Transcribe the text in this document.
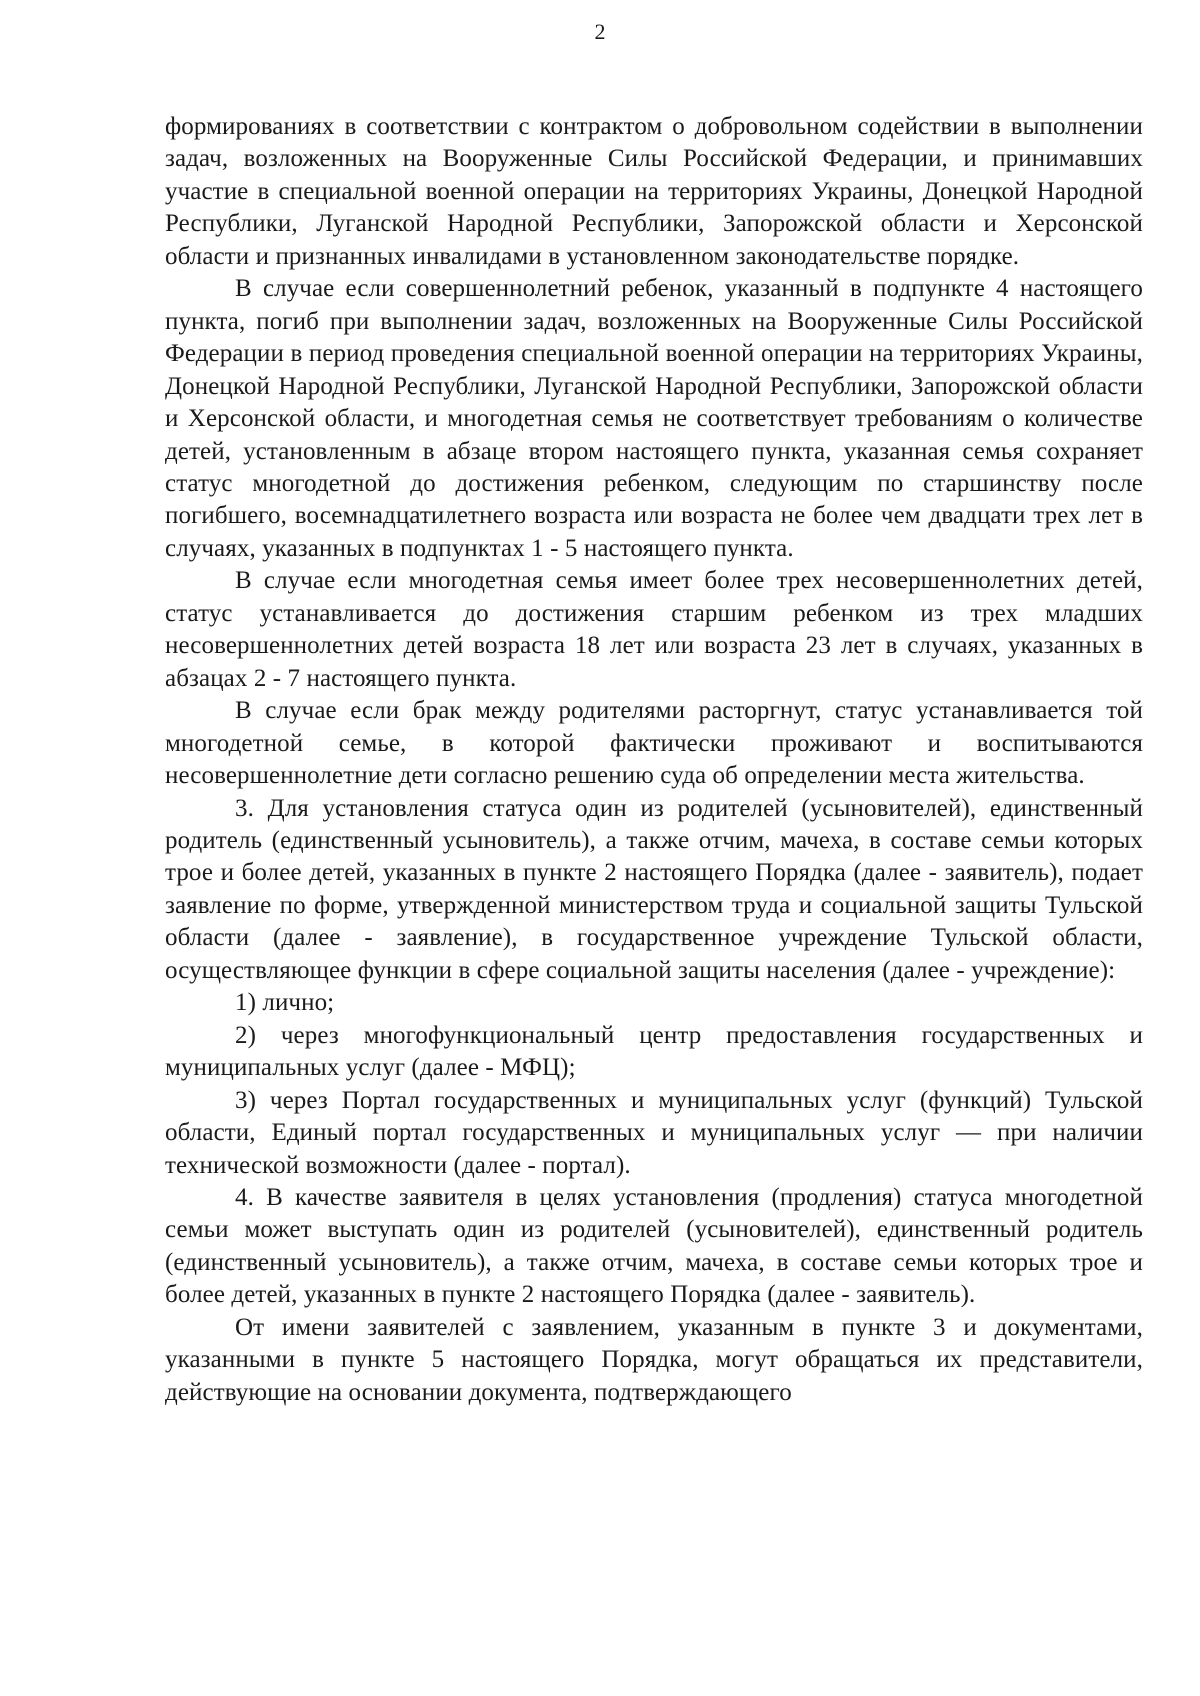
2

формированиях в соответствии с контрактом о добровольном содействии в выполнении задач, возложенных на Вооруженные Силы Российской Федерации, и принимавших участие в специальной военной операции на территориях Украины, Донецкой Народной Республики, Луганской Народной Республики, Запорожской области и Херсонской области и признанных инвалидами в установленном законодательстве порядке.

В случае если совершеннолетний ребенок, указанный в подпункте 4 настоящего пункта, погиб при выполнении задач, возложенных на Вооруженные Силы Российской Федерации в период проведения специальной военной операции на территориях Украины, Донецкой Народной Республики, Луганской Народной Республики, Запорожской области и Херсонской области, и многодетная семья не соответствует требованиям о количестве детей, установленным в абзаце втором настоящего пункта, указанная семья сохраняет статус многодетной до достижения ребенком, следующим по старшинству после погибшего, восемнадцатилетнего возраста или возраста не более чем двадцати трех лет в случаях, указанных в подпунктах 1 - 5 настоящего пункта.

В случае если многодетная семья имеет более трех несовершеннолетних детей, статус устанавливается до достижения старшим ребенком из трех младших несовершеннолетних детей возраста 18 лет или возраста 23 лет в случаях, указанных в абзацах 2 - 7 настоящего пункта.

В случае если брак между родителями расторгнут, статус устанавливается той многодетной семье, в которой фактически проживают и воспитываются несовершеннолетние дети согласно решению суда об определении места жительства.

3. Для установления статуса один из родителей (усыновителей), единственный родитель (единственный усыновитель), а также отчим, мачеха, в составе семьи которых трое и более детей, указанных в пункте 2 настоящего Порядка (далее - заявитель), подает заявление по форме, утвержденной министерством труда и социальной защиты Тульской области (далее - заявление), в государственное учреждение Тульской области, осуществляющее функции в сфере социальной защиты населения (далее - учреждение):

1) лично;

2) через многофункциональный центр предоставления государственных и муниципальных услуг (далее - МФЦ);

3) через Портал государственных и муниципальных услуг (функций) Тульской области, Единый портал государственных и муниципальных услуг — при наличии технической возможности (далее - портал).

4. В качестве заявителя в целях установления (продления) статуса многодетной семьи может выступать один из родителей (усыновителей), единственный родитель (единственный усыновитель), а также отчим, мачеха, в составе семьи которых трое и более детей, указанных в пункте 2 настоящего Порядка (далее - заявитель).

От имени заявителей с заявлением, указанным в пункте 3 и документами, указанными в пункте 5 настоящего Порядка, могут обращаться их представители, действующие на основании документа, подтверждающего
